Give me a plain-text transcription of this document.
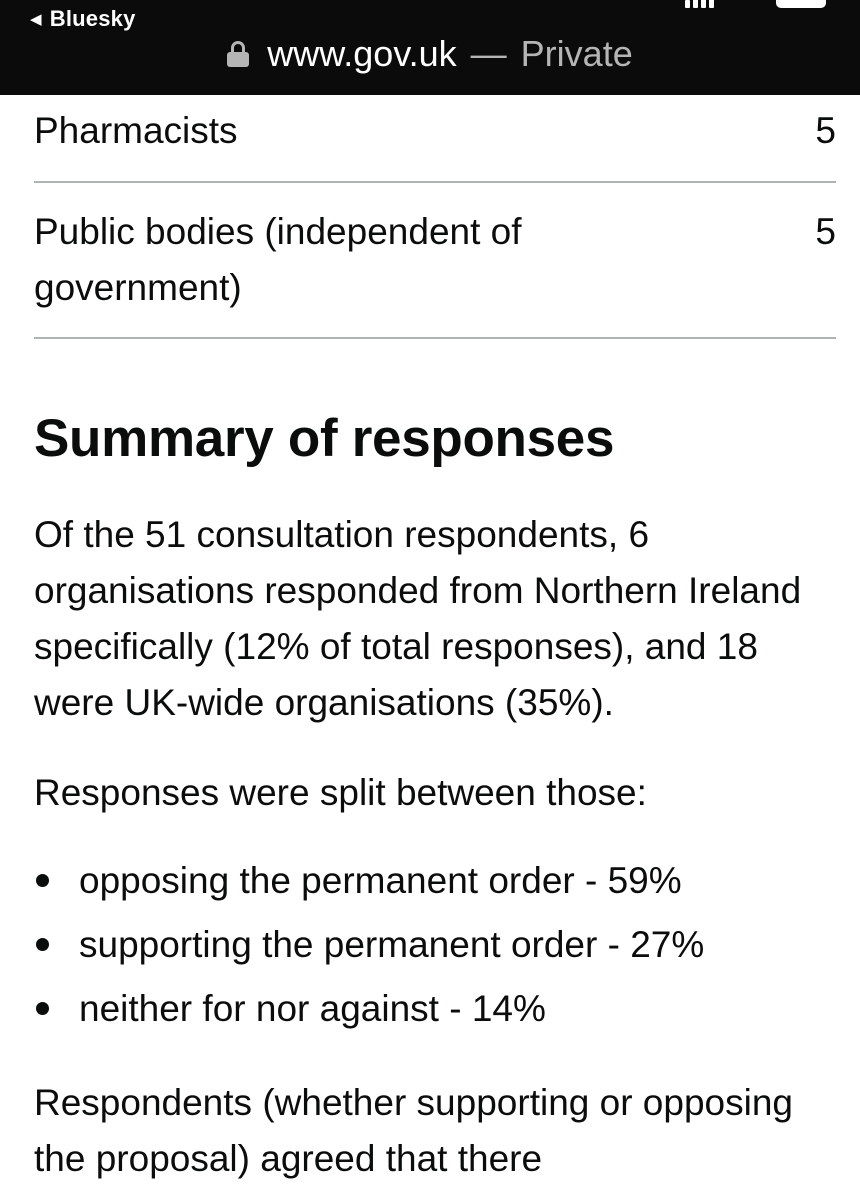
◀ Bluesky
www.gov.uk — Private
Pharmacists	5
Public bodies (independent of government)
5
Summary of responses

Of the 51 consultation respondents, 6 organisations responded from Northern Ireland specifically (12% of total responses), and 18 were UK-wide organisations (35%).

Responses were split between those:

opposing the permanent order - 59%
supporting the permanent order - 27%
neither for nor against - 14%

Respondents (whether supporting or opposing the proposal) agreed that there
